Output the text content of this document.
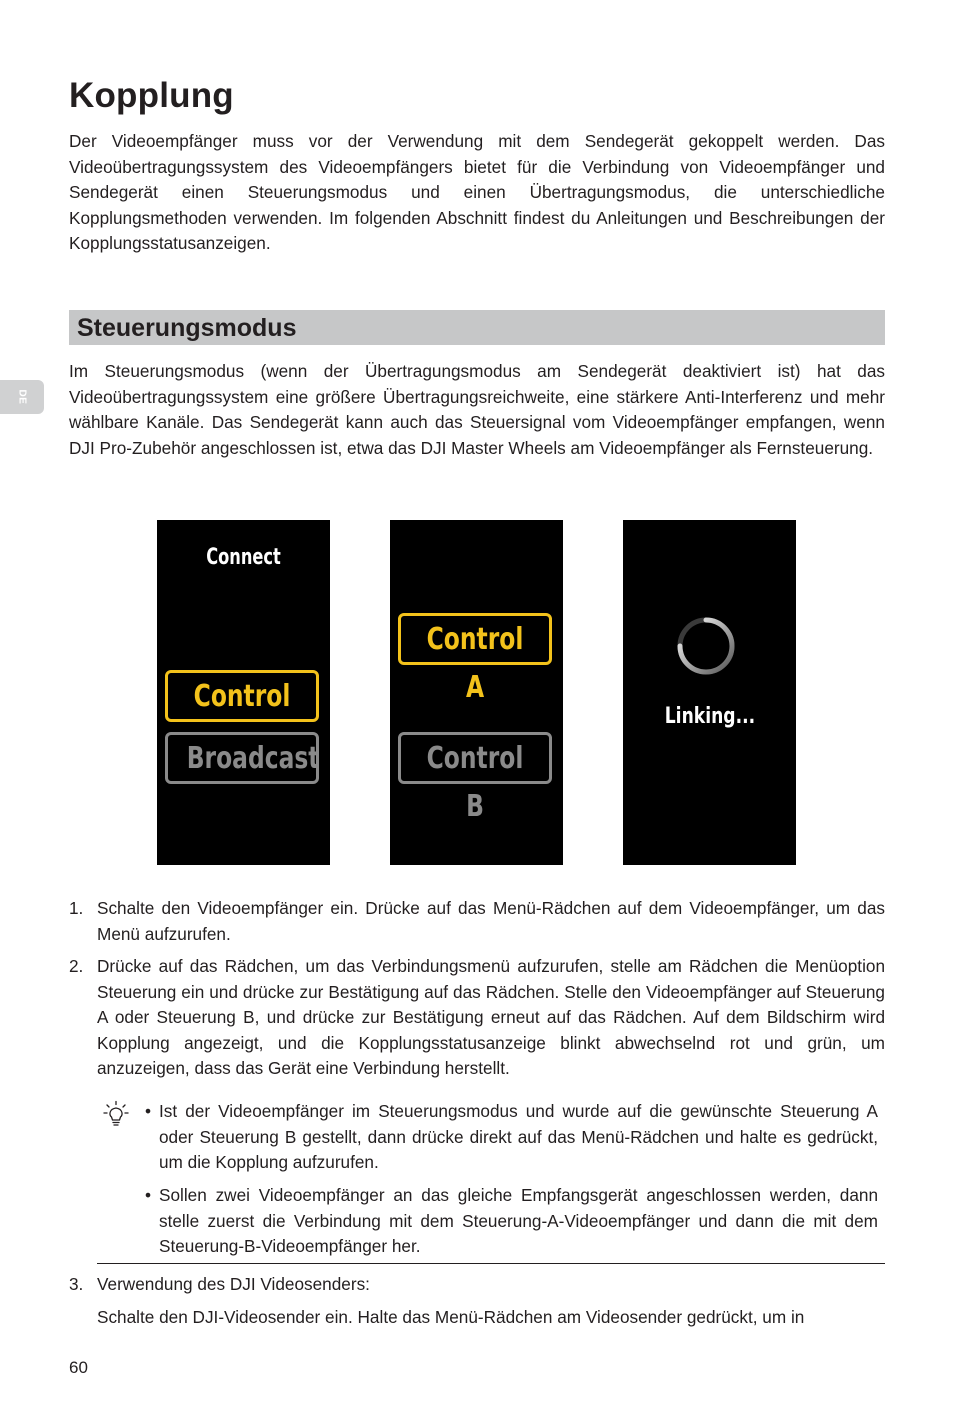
Kopplung

Der Videoempfänger muss vor der Verwendung mit dem Sendegerät gekoppelt werden. Das Videoübertragungssystem des Videoempfängers bietet für die Verbindung von Videoempfänger und Sendegerät einen Steuerungsmodus und einen Übertragungsmodus, die unterschiedliche Kopplungsmethoden verwenden. Im folgenden Abschnitt findest du Anleitungen und Beschreibungen der Kopplungsstatusanzeigen.

DE
Steuerungsmodus

Im Steuerungsmodus (wenn der Übertragungsmodus am Sendegerät deaktiviert ist) hat das Videoübertragungssystem eine größere Übertragungsreichweite, eine stärkere Anti-Interferenz und mehr wählbare Kanäle. Das Sendegerät kann auch das Steuersignal vom Videoempfänger empfangen, wenn DJI Pro-Zubehör angeschlossen ist, etwa das DJI Master Wheels am Videoempfänger als Fernsteuerung.

Connect
Control
Broadcast
Control A
Control B
Linking...
1. Schalte den Videoempfänger ein. Drücke auf das Menü-Rädchen auf dem Videoempfänger, um das Menü aufzurufen.
2. Drücke auf das Rädchen, um das Verbindungsmenü aufzurufen, stelle am Rädchen die Menüoption Steuerung ein und drücke zur Bestätigung auf das Rädchen. Stelle den Videoempfänger auf Steuerung A oder Steuerung B, und drücke zur Bestätigung erneut auf das Rädchen. Auf dem Bildschirm wird Kopplung angezeigt, und die Kopplungsstatusanzeige blinkt abwechselnd rot und grün, um anzuzeigen, dass das Gerät eine Verbindung herstellt.
3. Verwendung des DJI Videosenders:
• Ist der Videoempfänger im Steuerungsmodus und wurde auf die gewünschte Steuerung A oder Steuerung B gestellt, dann drücke direkt auf das Menü-Rädchen und halte es gedrückt, um die Kopplung aufzurufen.
• Sollen zwei Videoempfänger an das gleiche Empfangsgerät angeschlossen werden, dann stelle zuerst die Verbindung mit dem Steuerung-A-Videoempfänger und dann die mit dem Steuerung-B-Videoempfänger her.

Schalte den DJI-Videosender ein. Halte das Menü-Rädchen am Videosender gedrückt, um in

60
